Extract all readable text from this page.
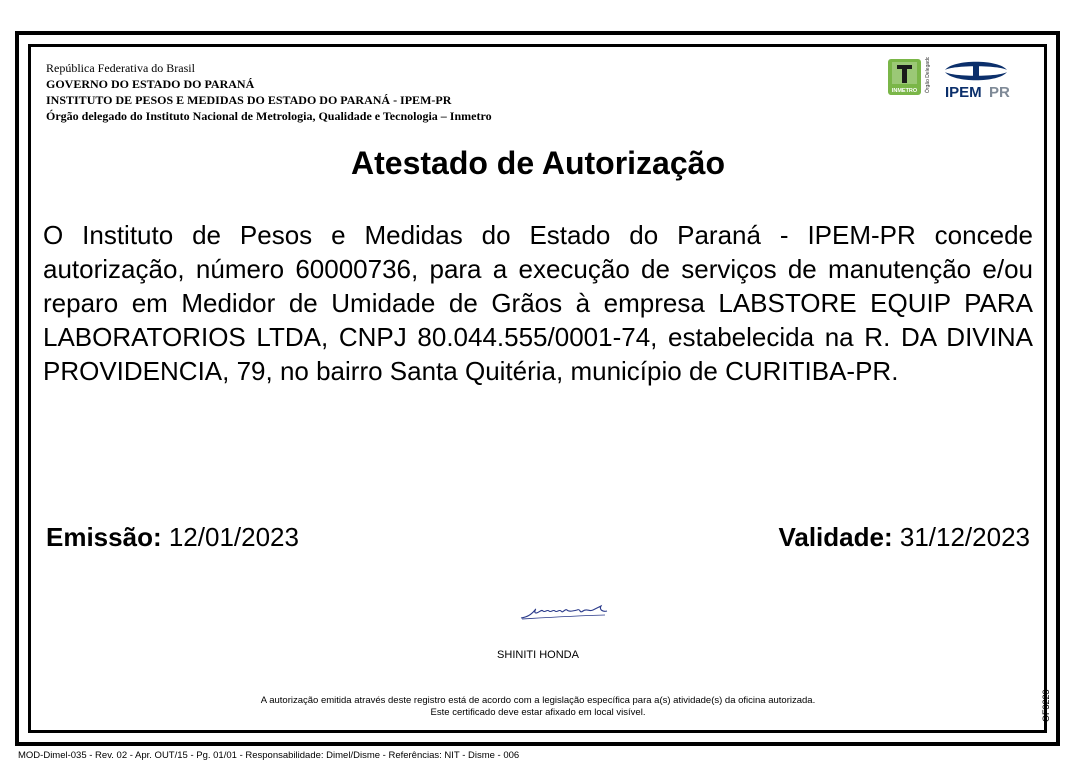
República Federativa do Brasil
GOVERNO DO ESTADO DO PARANÁ
INSTITUTO DE PESOS E MEDIDAS DO ESTADO DO PARANÁ - IPEM-PR
Órgão delegado do Instituto Nacional de Metrologia, Qualidade e Tecnologia – Inmetro
INMETRO Órgão Delegado IPEM PR
Atestado de Autorização
O Instituto de Pesos e Medidas do Estado do Paraná - IPEM-PR concede autorização, número 60000736, para a execução de serviços de manutenção e/ou reparo em Medidor de Umidade de Grãos à empresa LABSTORE EQUIP PARA LABORATORIOS LTDA, CNPJ 80.044.555/0001-74, estabelecida na R. DA DIVINA PROVIDENCIA, 79, no bairro Santa Quitéria, município de CURITIBA-PR.
Emissão: 12/01/2023	Validade: 31/12/2023
SHINITI HONDA
A autorização emitida através deste registro está de acordo com a legislação específica para a(s) atividade(s) da oficina autorizada.
Este certificado deve estar afixado em local visível.	OF3223
MOD-Dimel-035 - Rev. 02 - Apr. OUT/15 - Pg. 01/01 - Responsabilidade: Dimel/Disme - Referências: NIT - Disme - 006
